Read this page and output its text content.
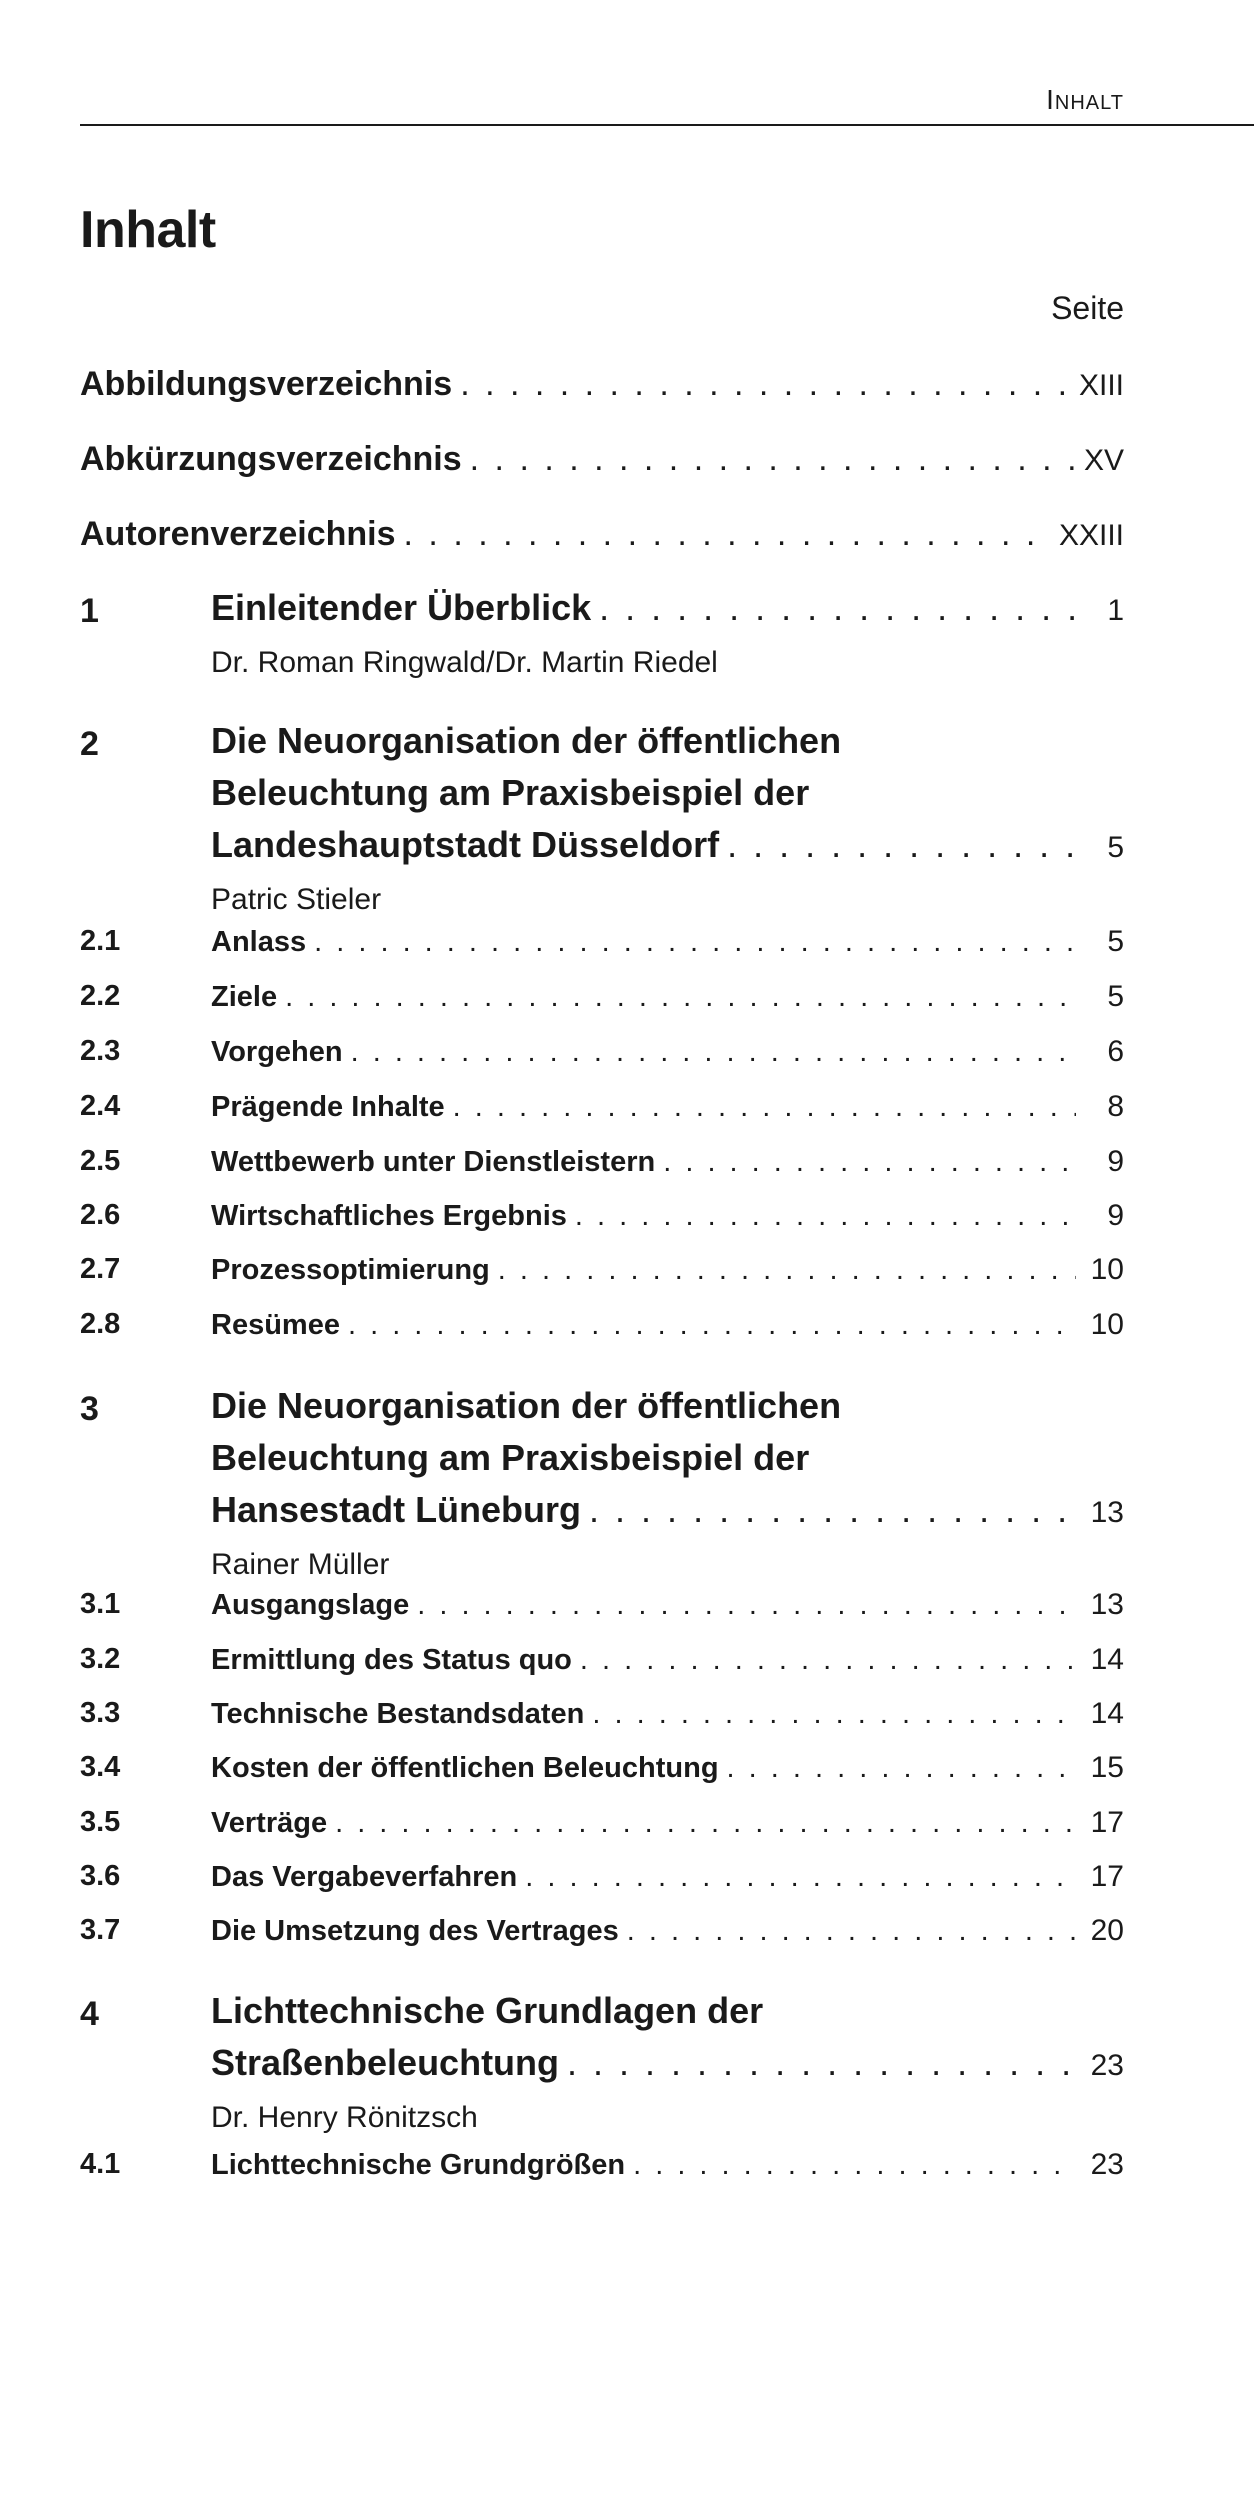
Inhalt
Inhalt
Seite
Abbildungsverzeichnis . . .	XIII
Abkürzungsverzeichnis . . .	XV
Autorenverzeichnis . . .	XXIII
1	Einleitender Überblick . . .	1
Dr. Roman Ringwald/Dr. Martin Riedel
2	Die Neuorganisation der öffentlichen
Beleuchtung am Praxisbeispiel der
Landeshauptstadt Düsseldorf . . .	5
Patric Stieler
2.1	Anlass . . .	5
2.2	Ziele . . .	5
2.3	Vorgehen . . .	6
2.4	Prägende Inhalte . . .	8
2.5	Wettbewerb unter Dienstleistern . . .	9
2.6	Wirtschaftliches Ergebnis . . .	9
2.7	Prozessoptimierung . . .	10
2.8	Resümee . . .	10
3	Die Neuorganisation der öffentlichen
Beleuchtung am Praxisbeispiel der
Hansestadt Lüneburg . . .	13
Rainer Müller
3.1	Ausgangslage . . .	13
3.2	Ermittlung des Status quo . . .	14
3.3	Technische Bestandsdaten . . .	14
3.4	Kosten der öffentlichen Beleuchtung . . .	15
3.5	Verträge . . .	17
3.6	Das Vergabeverfahren . . .	17
3.7	Die Umsetzung des Vertrages . . .	20
4	Lichttechnische Grundlagen der
Straßenbeleuchtung . . .	23
Dr. Henry Rönitzsch
4.1	Lichttechnische Grundgrößen . . .	23
